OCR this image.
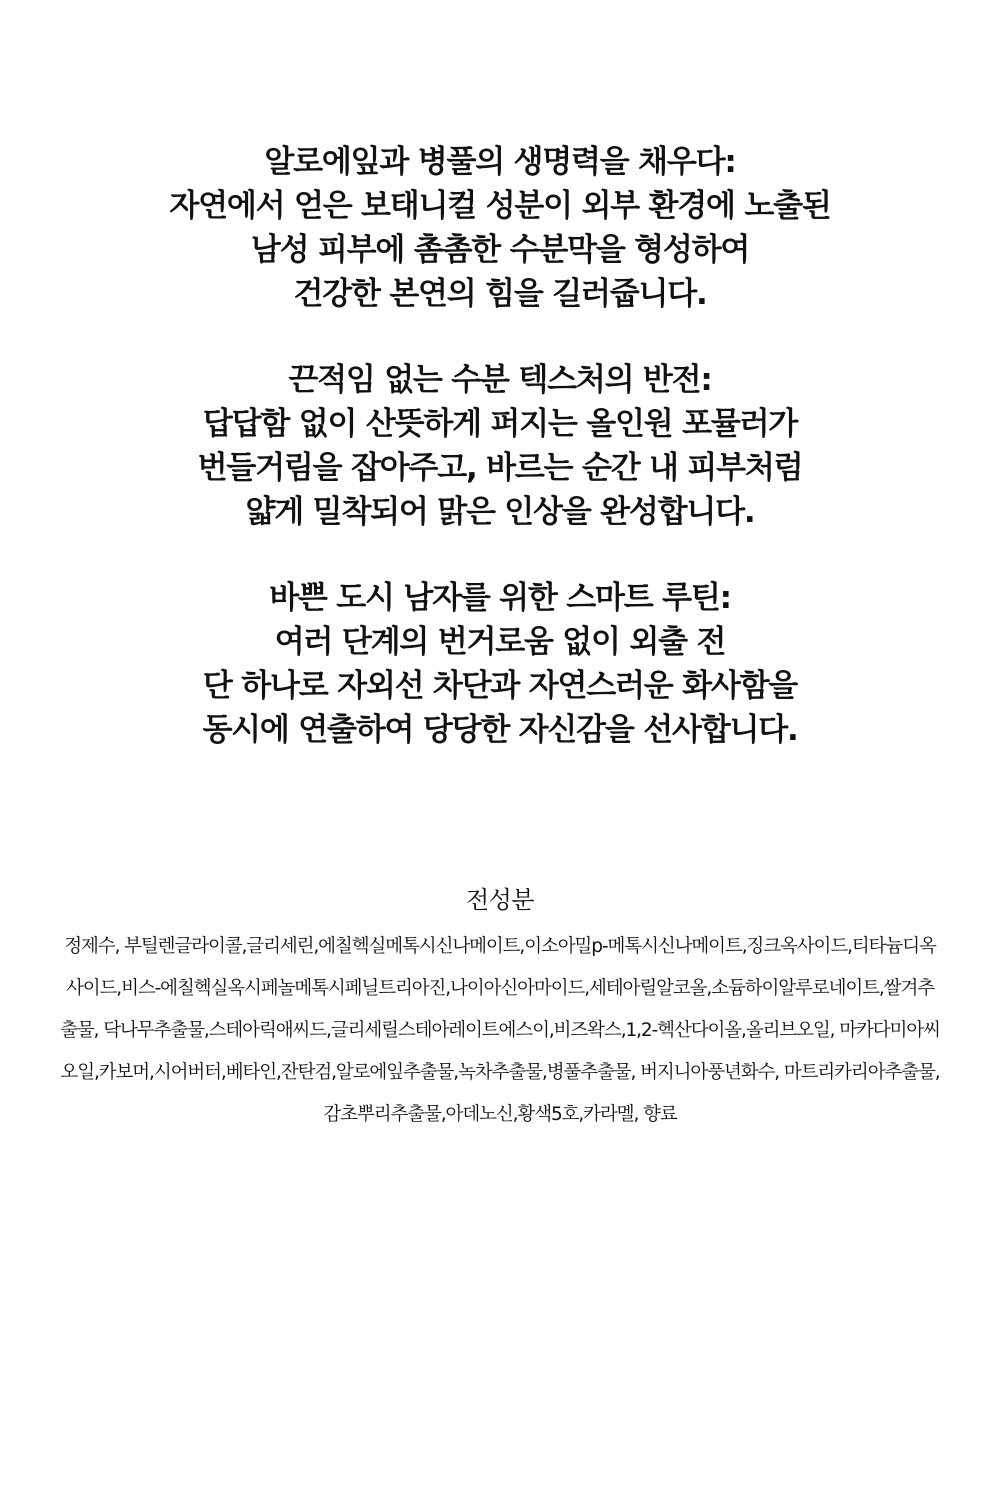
알로에잎과 병풀의 생명력을 채우다:
자연에서 얻은 보태니컬 성분이 외부 환경에 노출된
남성 피부에 촘촘한 수분막을 형성하여
건강한 본연의 힘을 길러줍니다.
끈적임 없는 수분 텍스처의 반전:
답답함 없이 산뜻하게 퍼지는 올인원 포뮬러가
번들거림을 잡아주고, 바르는 순간 내 피부처럼
얇게 밀착되어 맑은 인상을 완성합니다.
바쁜 도시 남자를 위한 스마트 루틴:
여러 단계의 번거로움 없이 외출 전
단 하나로 자외선 차단과 자연스러운 화사함을
동시에 연출하여 당당한 자신감을 선사합니다.
전성분
정제수, 부틸렌글라이콜,글리세린,에칠헥실메톡시신나메이트,이소아밀p-메톡시신나메이트,징크옥사이드,티타늄디옥사이드,비스-에칠헥실옥시페놀메톡시페닐트리아진,나이아신아마이드,세테아릴알코올,소듐하이알루로네이트,쌀겨추출물, 닥나무추출물,스테아릭애씨드,글리세릴스테아레이트에스이,비즈왁스,1,2-헥산다이올,올리브오일, 마카다미아씨오일,카보머,시어버터,베타인,잔탄검,알로에잎추출물,녹차추출물,병풀추출물, 버지니아풍년화수, 마트리카리아추출물,감초뿌리추출물,아데노신,황색5호,카라멜, 향료
